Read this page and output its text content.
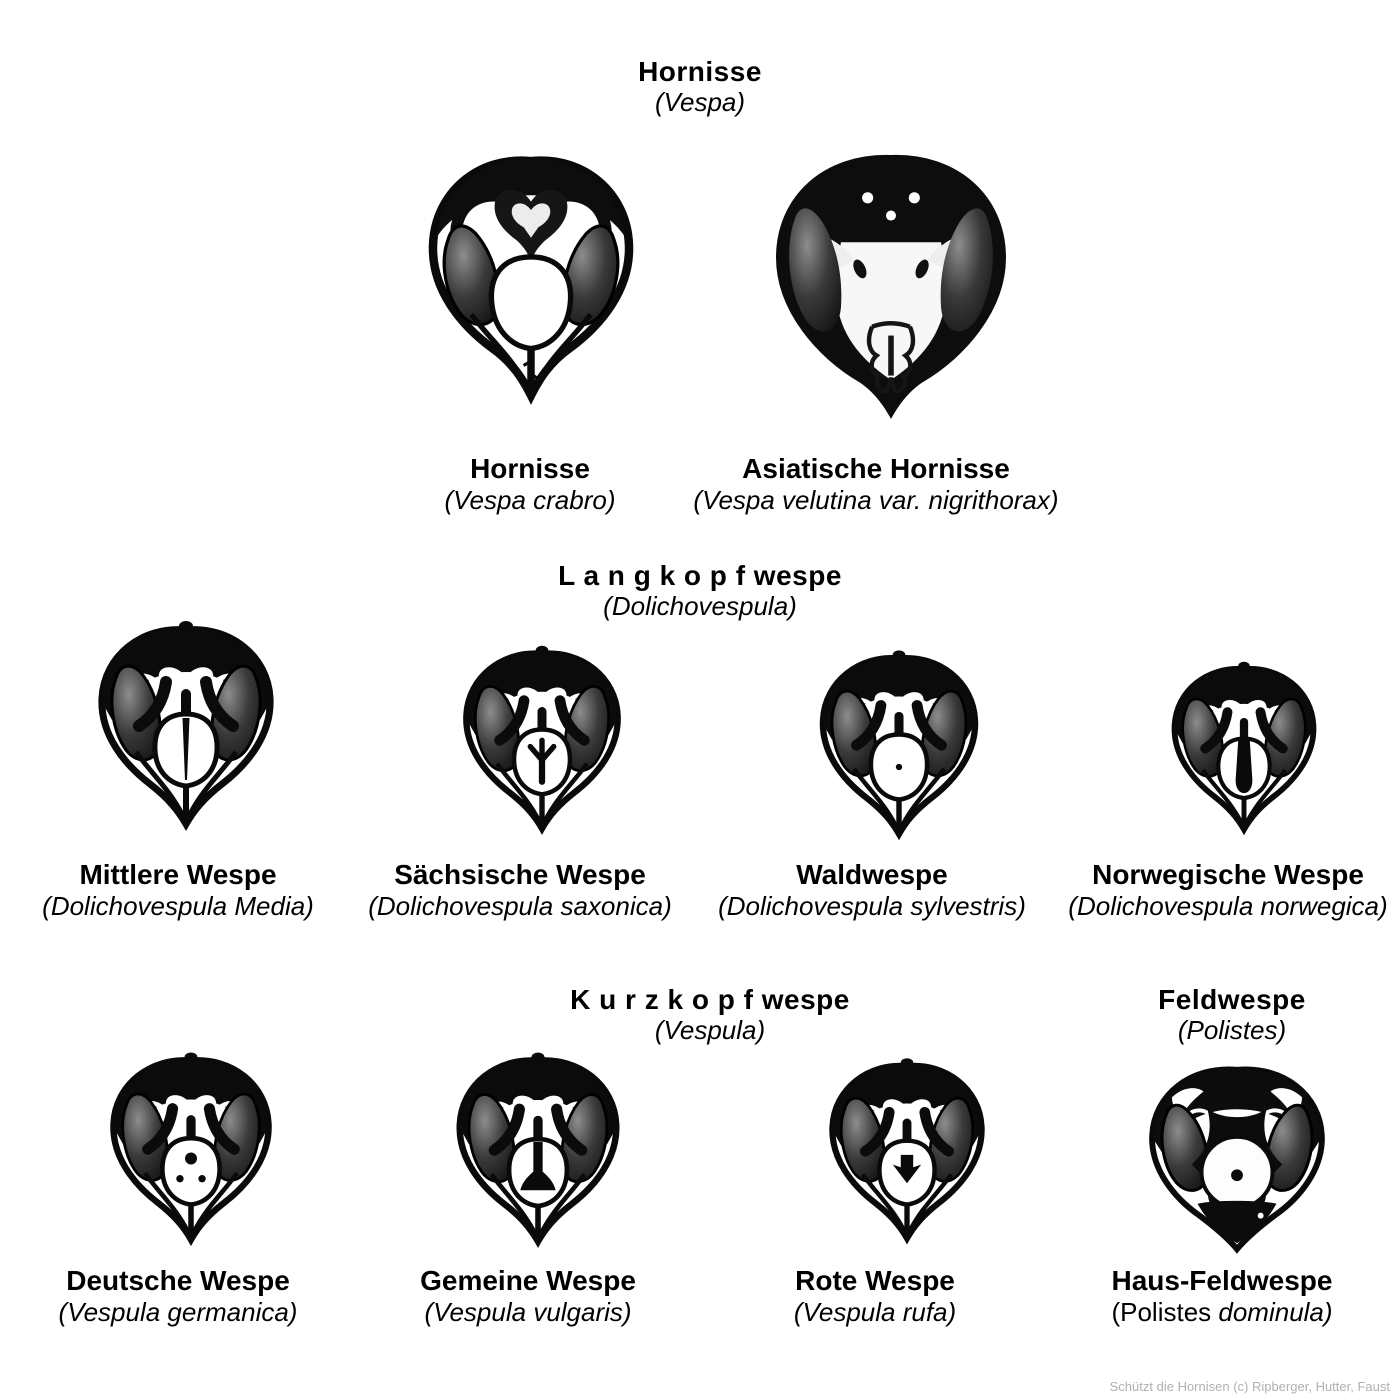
Hornisse
(Vespa)
Hornisse
(Vespa crabro)
Asiatische Hornisse
(Vespa velutina var. nigrithorax)
L a n g k o p f wespe
(Dolichovespula)
Mittlere Wespe
(Dolichovespula Media)
Sächsische Wespe
(Dolichovespula saxonica)
Waldwespe
(Dolichovespula sylvestris)
Norwegische Wespe
(Dolichovespula norwegica)
K u r z k o p f wespe
(Vespula)
Feldwespe
(Polistes)
Deutsche Wespe
(Vespula germanica)
Gemeine Wespe
(Vespula vulgaris)
Rote Wespe
(Vespula rufa)
Haus-Feldwespe
(Polistes dominula)
Schützt die Hornisen (c) Ripberger, Hutter, Faust
